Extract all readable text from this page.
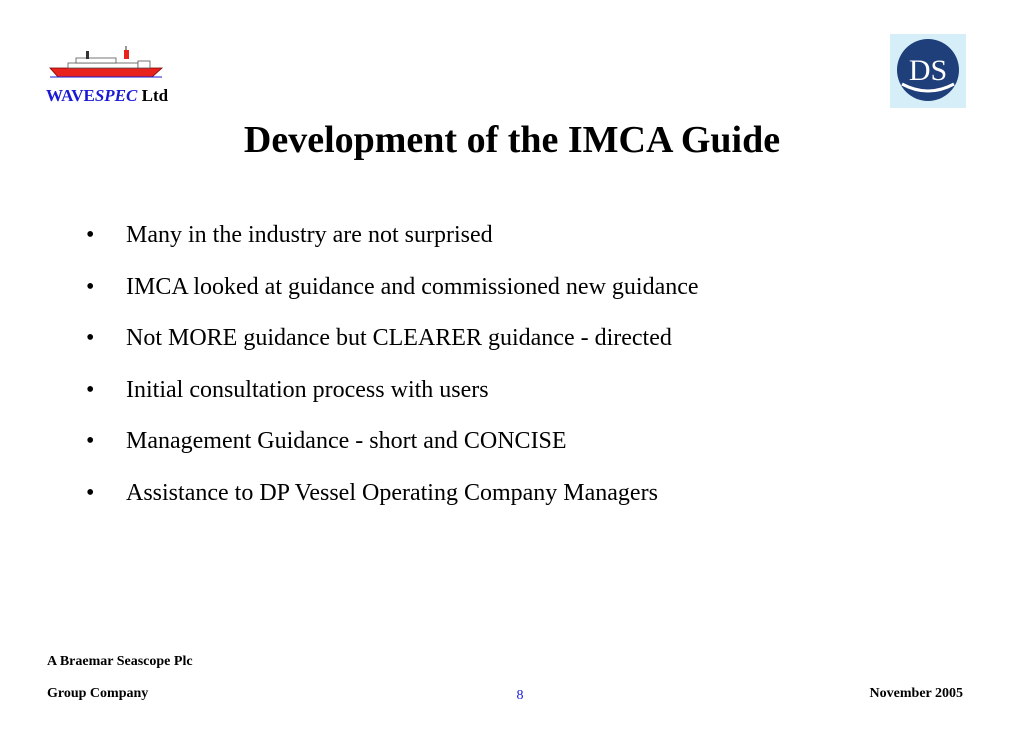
WAVESPEC Ltd
DS
Development of the IMCA Guide
•	Many in the industry are not surprised
•	IMCA looked at guidance and commissioned new guidance
•	Not MORE guidance but CLEARER guidance - directed
•	Initial consultation process with users
•	Management Guidance - short and CONCISE
•	Assistance to DP Vessel Operating Company Managers
A Braemar Seascope Plc
Group Company	8	November 2005
